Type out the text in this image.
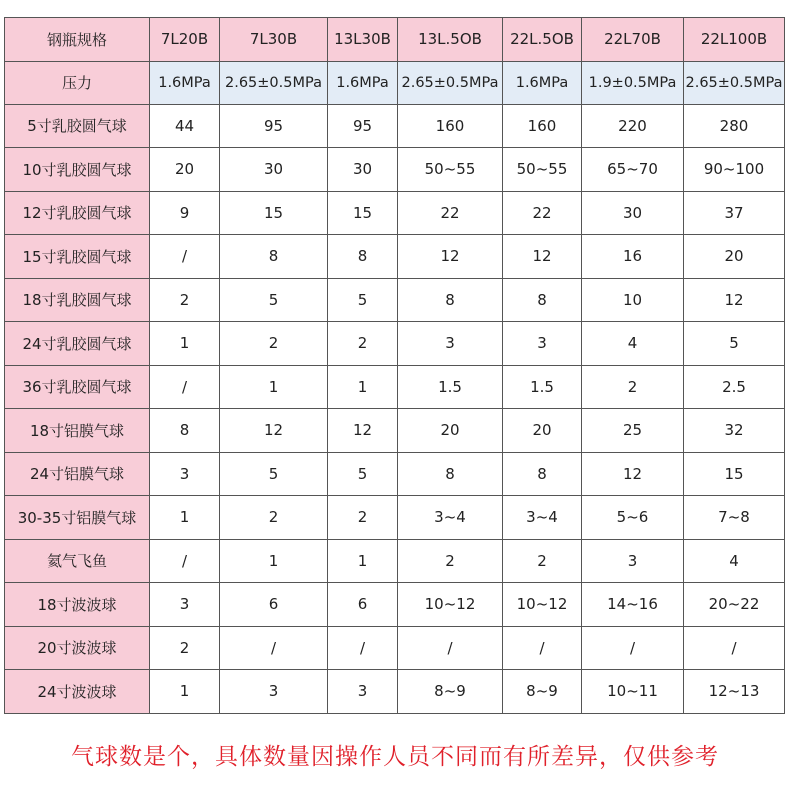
钢瓶规格	7L20B	7L30B	13L30B	13L.5OB	22L.5OB	22L70B	22L100B
压力	1.6MPa	2.65±0.5MPa	1.6MPa	2.65±0.5MPa	1.6MPa	1.9±0.5MPa	2.65±0.5MPa
5寸乳胶圆气球	44	95	95	160	160	220	280
10寸乳胶圆气球	20	30	30	50~55	50~55	65~70	90~100
12寸乳胶圆气球	9	15	15	22	22	30	37
15寸乳胶圆气球	/	8	8	12	12	16	20
18寸乳胶圆气球	2	5	5	8	8	10	12
24寸乳胶圆气球	1	2	2	3	3	4	5
36寸乳胶圆气球	/	1	1	1.5	1.5	2	2.5
18寸铝膜气球	8	12	12	20	20	25	32
24寸铝膜气球	3	5	5	8	8	12	15
30-35寸铝膜气球	1	2	2	3~4	3~4	5~6	7~8
氦气飞鱼	/	1	1	2	2	3	4
18寸波波球	3	6	6	10~12	10~12	14~16	20~22
20寸波波球	2	/	/	/	/	/	/
24寸波波球	1	3	3	8~9	8~9	10~11	12~13
气球数是个，具体数量因操作人员不同而有所差异，仅供参考
